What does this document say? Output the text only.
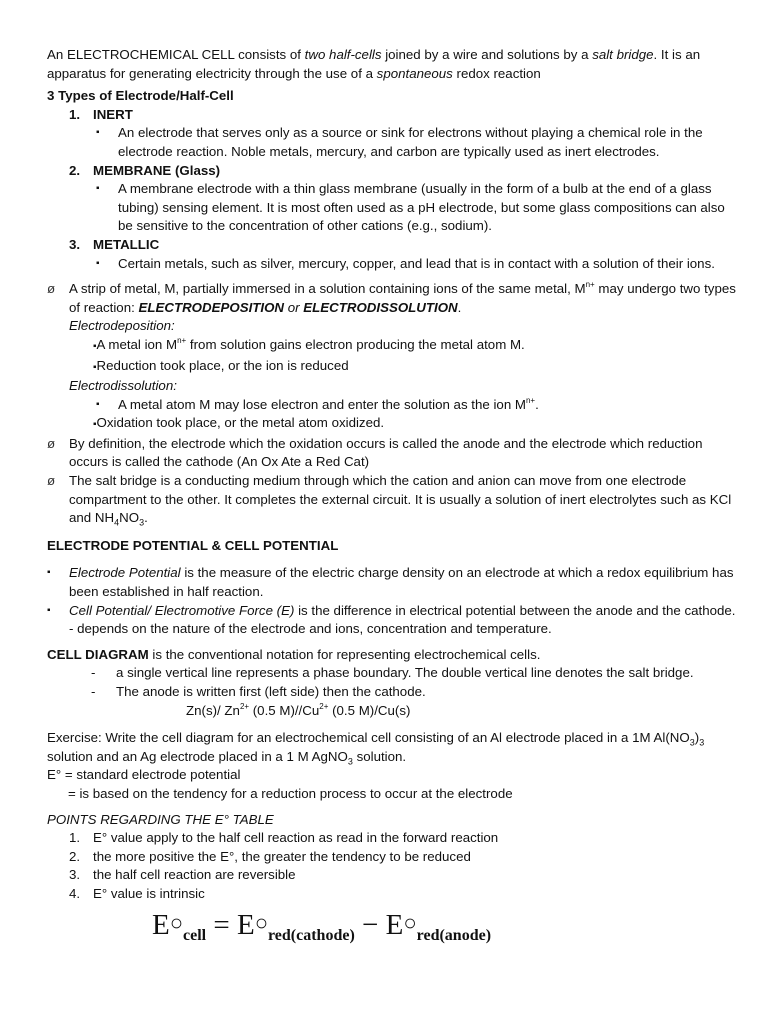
An ELECTROCHEMICAL CELL consists of two half-cells joined by a wire and solutions by a salt bridge. It is an apparatus for generating electricity through the use of a spontaneous redox reaction

3 Types of Electrode/Half-Cell

1. INERT
▪	An electrode that serves only as a source or sink for electrons without playing a chemical role in the electrode reaction. Noble metals, mercury, and carbon are typically used as inert electrodes.
2. MEMBRANE (Glass)
▪	A membrane electrode with a thin glass membrane (usually in the form of a bulb at the end of a glass tubing) sensing element. It is most often used as a pH electrode, but some glass compositions can also be sensitive to the concentration of other cations (e.g., sodium).
3. METALLIC
▪	Certain metals, such as silver, mercury, copper, and lead that is in contact with a solution of their ions.
ø	A strip of metal, M, partially immersed in a solution containing ions of the same metal, $M^{n+}$ may undergo two types of reaction: ELECTRODEPOSITION or ELECTRODISSOLUTION.

Electrodeposition:

▪A metal ion $M^{n+}$ from solution gains electron producing the metal atom M.

▪Reduction took place, or the ion is reduced

Electrodissolution:

▪	A metal atom M may lose electron and enter the solution as the ion $M^{n+}$.

▪Oxidation took place, or the metal atom oxidized.

ø	By definition, the electrode which the oxidation occurs is called the anode and the electrode which reduction occurs is called the cathode (An Ox Ate a Red Cat)
ø	The salt bridge is a conducting medium through which the cation and anion can move from one electrode compartment to the other. It completes the external circuit. It is usually a solution of inert electrolytes such as KCl and $NH_4NO_3$.

ELECTRODE POTENTIAL & CELL POTENTIAL

▪	Electrode Potential is the measure of the electric charge density on an electrode at which a redox equilibrium has been established in half reaction.
▪	Cell Potential/ Electromotive Force (E) is the difference in electrical potential between the anode and the cathode.
- depends on the nature of the electrode and ions, concentration and temperature.

CELL DIAGRAM is the conventional notation for representing electrochemical cells.

-	a single vertical line represents a phase boundary. The double vertical line denotes the salt bridge.
-	The anode is written first (left side) then the cathode.

Zn(s)/ $Zn^{2+}$ (0.5 $M)//Cu^{2+}$ (0.5 M)/Cu(s)

Exercise: Write the cell diagram for an electrochemical cell consisting of an Al electrode placed in a 1M $Al(NO_3)_3$ solution and an Ag electrode placed in a 1 M AgNO$_3$ solution.

E° = standard electrode potential

= is based on the tendency for a reduction process to occur at the electrode

POINTS REGARDING THE E° TABLE

1. E° value apply to the half cell reaction as read in the forward reaction
2. the more positive the E°, the greater the tendency to be reduced
3. the half cell reaction are reversible
4. E° value is intrinsic
$E^○_{cell} = E^○_{red(cathode)} - E^○_{red(anode)}$
